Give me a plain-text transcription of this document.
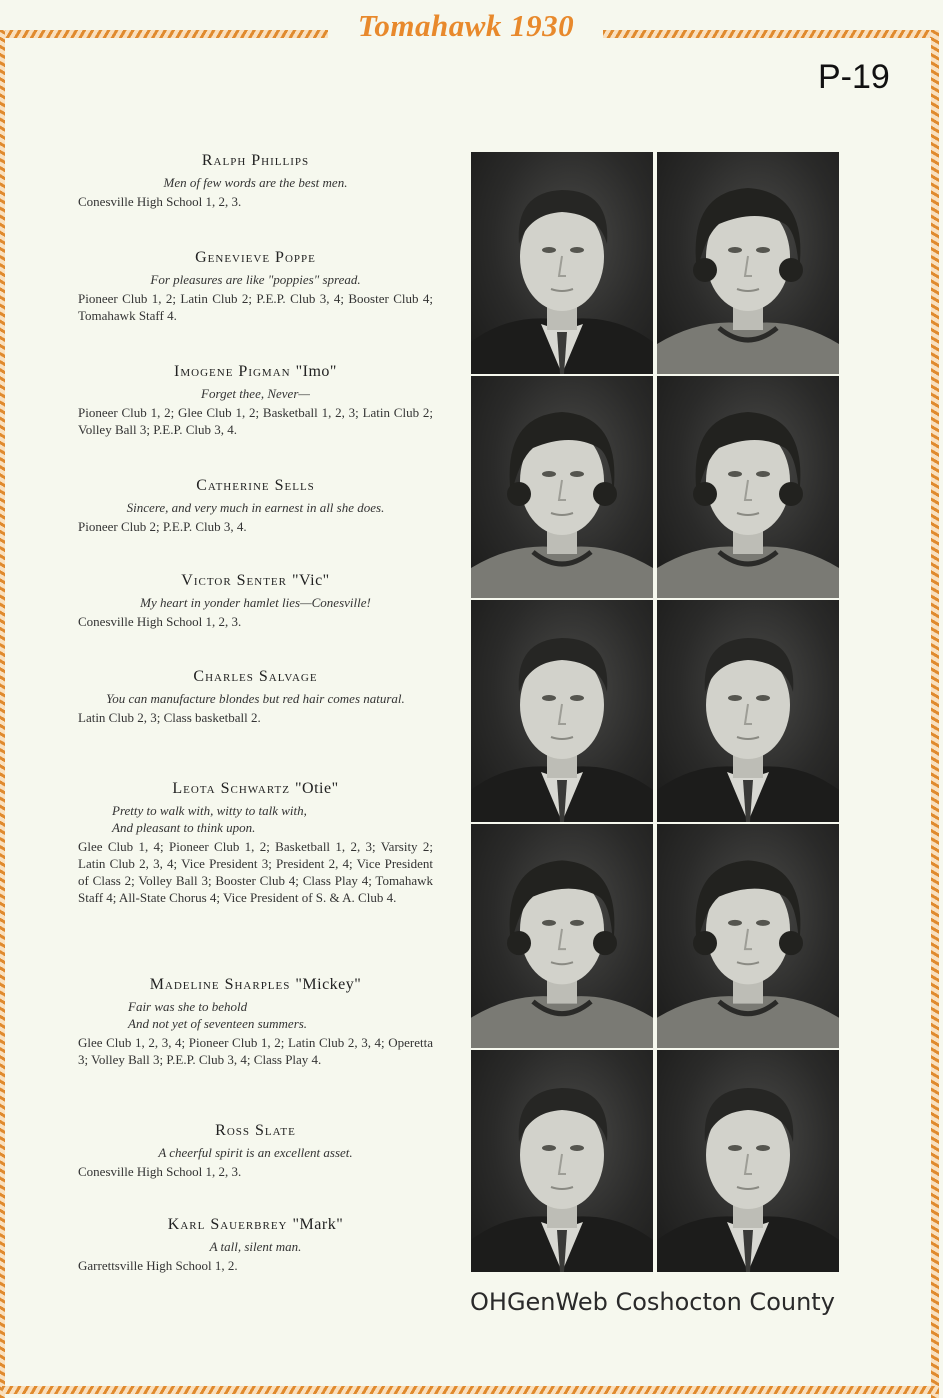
Tomahawk 1930
P-19
Ralph Phillips
Men of few words are the best men.
Conesville High School 1, 2, 3.
Genevieve Poppe
For pleasures are like "poppies" spread.
Pioneer Club 1, 2; Latin Club 2; P.E.P. Club 3, 4; Booster Club 4; Tomahawk Staff 4.
Imogene Pigman "Imo"
Forget thee, Never—
Pioneer Club 1, 2; Glee Club 1, 2; Basketball 1, 2, 3; Latin Club 2; Volley Ball 3; P.E.P. Club 3, 4.
Catherine Sells
Sincere, and very much in earnest in all she does.
Pioneer Club 2; P.E.P. Club 3, 4.
Victor Senter "Vic"
My heart in yonder hamlet lies—Conesville!
Conesville High School 1, 2, 3.
Charles Salvage
You can manufacture blondes but red hair comes natural.
Latin Club 2, 3; Class basketball 2.
Leota Schwartz "Otie"
Pretty to walk with, witty to talk with,
And pleasant to think upon.
Glee Club 1, 4; Pioneer Club 1, 2; Basketball 1, 2, 3; Varsity 2; Latin Club 2, 3, 4; Vice President 3; President 2, 4; Vice President of Class 2; Volley Ball 3; Booster Club 4; Class Play 4; Tomahawk Staff 4; All-State Chorus 4; Vice President of S. & A. Club 4.
Madeline Sharples "Mickey"
Fair was she to behold
And not yet of seventeen summers.
Glee Club 1, 2, 3, 4; Pioneer Club 1, 2; Latin Club 2, 3, 4; Operetta 3; Volley Ball 3; P.E.P. Club 3, 4; Class Play 4.
Ross Slate
A cheerful spirit is an excellent asset.
Conesville High School 1, 2, 3.
Karl Sauerbrey "Mark"
A tall, silent man.
Garrettsville High School 1, 2.
OHGenWeb Coshocton County
